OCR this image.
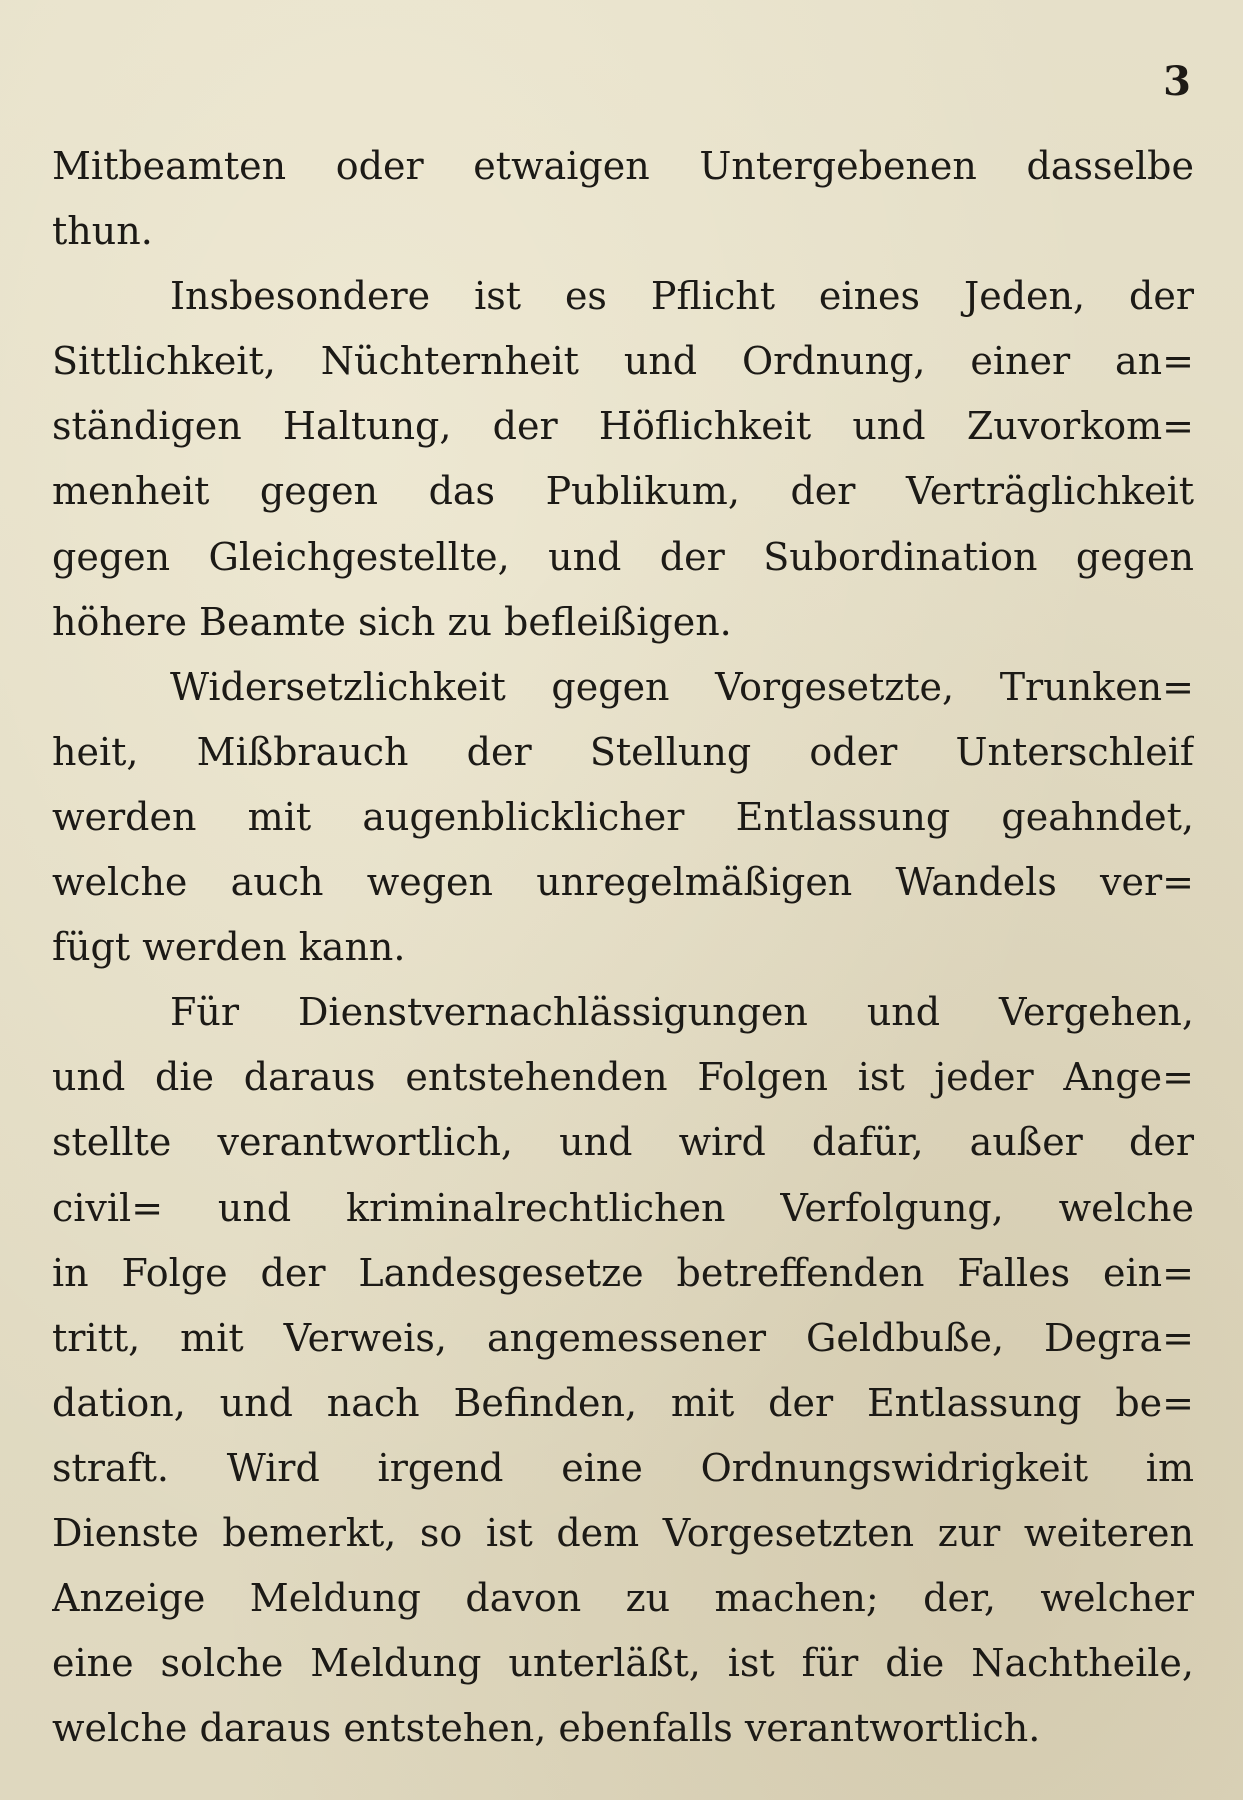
3
Mitbeamten oder etwaigen Untergebenen dasselbe
thun.
Insbesondere ist es Pflicht eines Jeden, der
Sittlichkeit, Nüchternheit und Ordnung, einer an=
ständigen Haltung, der Höflichkeit und Zuvorkom=
menheit gegen das Publikum, der Verträglichkeit
gegen Gleichgestellte, und der Subordination gegen
höhere Beamte sich zu befleißigen.
Widersetzlichkeit gegen Vorgesetzte, Trunken=
heit, Mißbrauch der Stellung oder Unterschleif
werden mit augenblicklicher Entlassung geahndet,
welche auch wegen unregelmäßigen Wandels ver=
fügt werden kann.
Für Dienstvernachlässigungen und Vergehen,
und die daraus entstehenden Folgen ist jeder Ange=
stellte verantwortlich, und wird dafür, außer der
civil= und kriminalrechtlichen Verfolgung, welche
in Folge der Landesgesetze betreffenden Falles ein=
tritt, mit Verweis, angemessener Geldbuße, Degra=
dation, und nach Befinden, mit der Entlassung be=
straft. Wird irgend eine Ordnungswidrigkeit im
Dienste bemerkt, so ist dem Vorgesetzten zur weiteren
Anzeige Meldung davon zu machen; der, welcher
eine solche Meldung unterläßt, ist für die Nachtheile,
welche daraus entstehen, ebenfalls verantwortlich.
